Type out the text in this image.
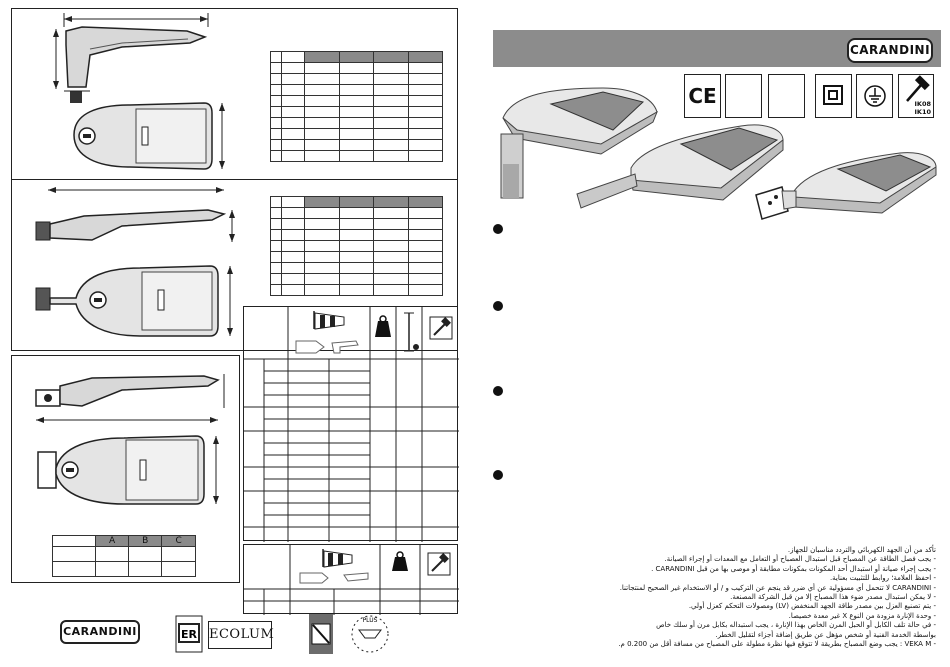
	A	B	C

CARANDINI	ER ECOLUM
PLUS
CARANDINI
CE	IK08
IK10
تأكد من أن الجهد الكهربائي والتردد مناسبان للجهاز.
- يجب فصل الطاقة عن المصباح قبل استبدال العصباح أو التعامل مع المعدات أو إجراء الصيانة.
- يجب إجراء صيانة أو استبدال أحد المكونات بمكونات مطابقة أو موصى بها من قبل CARANDINI .
- احفظ العلامة؛ روابط للتثبيت بعناية.
- CARANDINI لا تتحمل أي مسؤولية عن أي ضرر قد ينجم عن التركيب و / أو الاستخدام غير الصحيح لمنتجاتنا.
- لا يمكن استبدال مصدر ضوء هذا المصباح إلا من قبل الشركة المصنعة.
- يتم تصنيع العزل بين مصدر طاقة الجهد المنخفض (LV) ومصولات التحكم كعزل أولي.
- وحدة الإنارة مزودة من النوع X غير معدة خصيصا.
- في حالة تلف الكابل أو الحبل المرن الخاص بهذا الإنارة ، يجب استبداله بكابل مرن أو سلك خاص
بواسطة الخدمة الفنية أو شخص مؤهل عن طريق إضافة أجزاء لتقليل الخطر.
- VEKA M : يجب وضع المصباح بطريقة لا تتوقع فيها نظرة مطولة على المصباح من مسافة أقل من 0.200 م.
